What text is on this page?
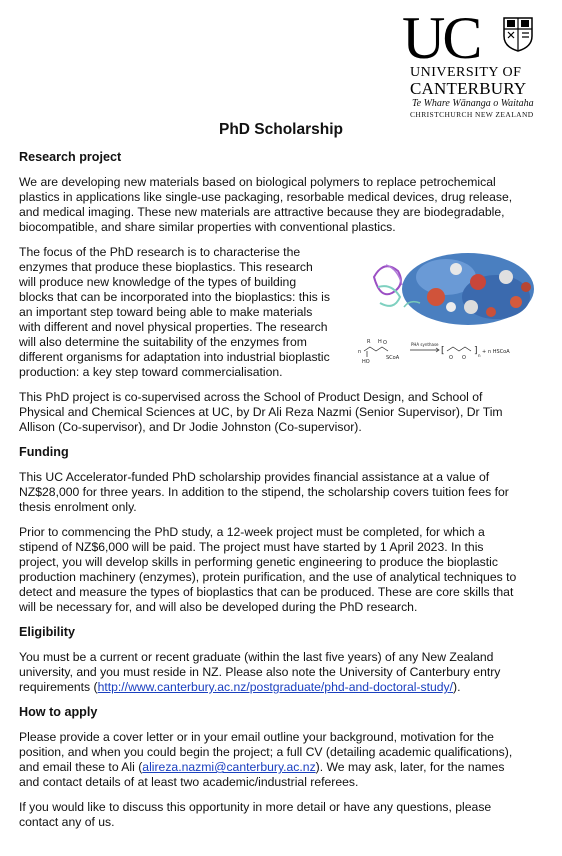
UC
UNIVERSITY OF
CANTERBURY
Te Whare Wānanga o Waitaha
CHRISTCHURCH NEW ZEALAND
PhD Scholarship
Research project

We are developing new materials based on biological polymers to replace petrochemical
plastics in applications like single-use packaging, resorbable medical devices, drug release,
and medical imaging. These new materials are attractive because they are biodegradable,
biocompatible, and share similar properties with conventional plastics.

The focus of the PhD research is to characterise the
enzymes that produce these bioplastics. This research
will produce new knowledge of the types of building
blocks that can be incorporated into the bioplastics: this is
an important step toward being able to make materials
with different and novel physical properties. The research
will also determine the suitability of the enzymes from
different organisms for adaptation into industrial bioplastic
production: a key step toward commercialisation.

n
R H O
HO
SCoA
PHA synthase
[
O O
] n
+ n HSCoA

This PhD project is co-supervised across the School of Product Design, and School of
Physical and Chemical Sciences at UC, by Dr Ali Reza Nazmi (Senior Supervisor), Dr Tim
Allison (Co-supervisor), and Dr Jodie Johnston (Co-supervisor).

Funding

This UC Accelerator-funded PhD scholarship provides financial assistance at a value of
NZ$28,000 for three years. In addition to the stipend, the scholarship covers tuition fees for
thesis enrolment only.

Prior to commencing the PhD study, a 12-week project must be completed, for which a
stipend of NZ$6,000 will be paid. The project must have started by 1 April 2023. In this
project, you will develop skills in performing genetic engineering to produce the bioplastic
production machinery (enzymes), protein purification, and the use of analytical techniques to
detect and measure the types of bioplastics that can be produced. These are core skills that
will be necessary for, and will also be developed during the PhD research.

Eligibility

You must be a current or recent graduate (within the last five years) of any New Zealand
university, and you must reside in NZ. Please also note the University of Canterbury entry
requirements (http://www.canterbury.ac.nz/postgraduate/phd-and-doctoral-study/).

How to apply

Please provide a cover letter or in your email outline your background, motivation for the
position, and when you could begin the project; a full CV (detailing academic qualifications),
and email these to Ali (alireza.nazmi@canterbury.ac.nz). We may ask, later, for the names
and contact details of at least two academic/industrial referees.

If you would like to discuss this opportunity in more detail or have any questions, please
contact any of us.
